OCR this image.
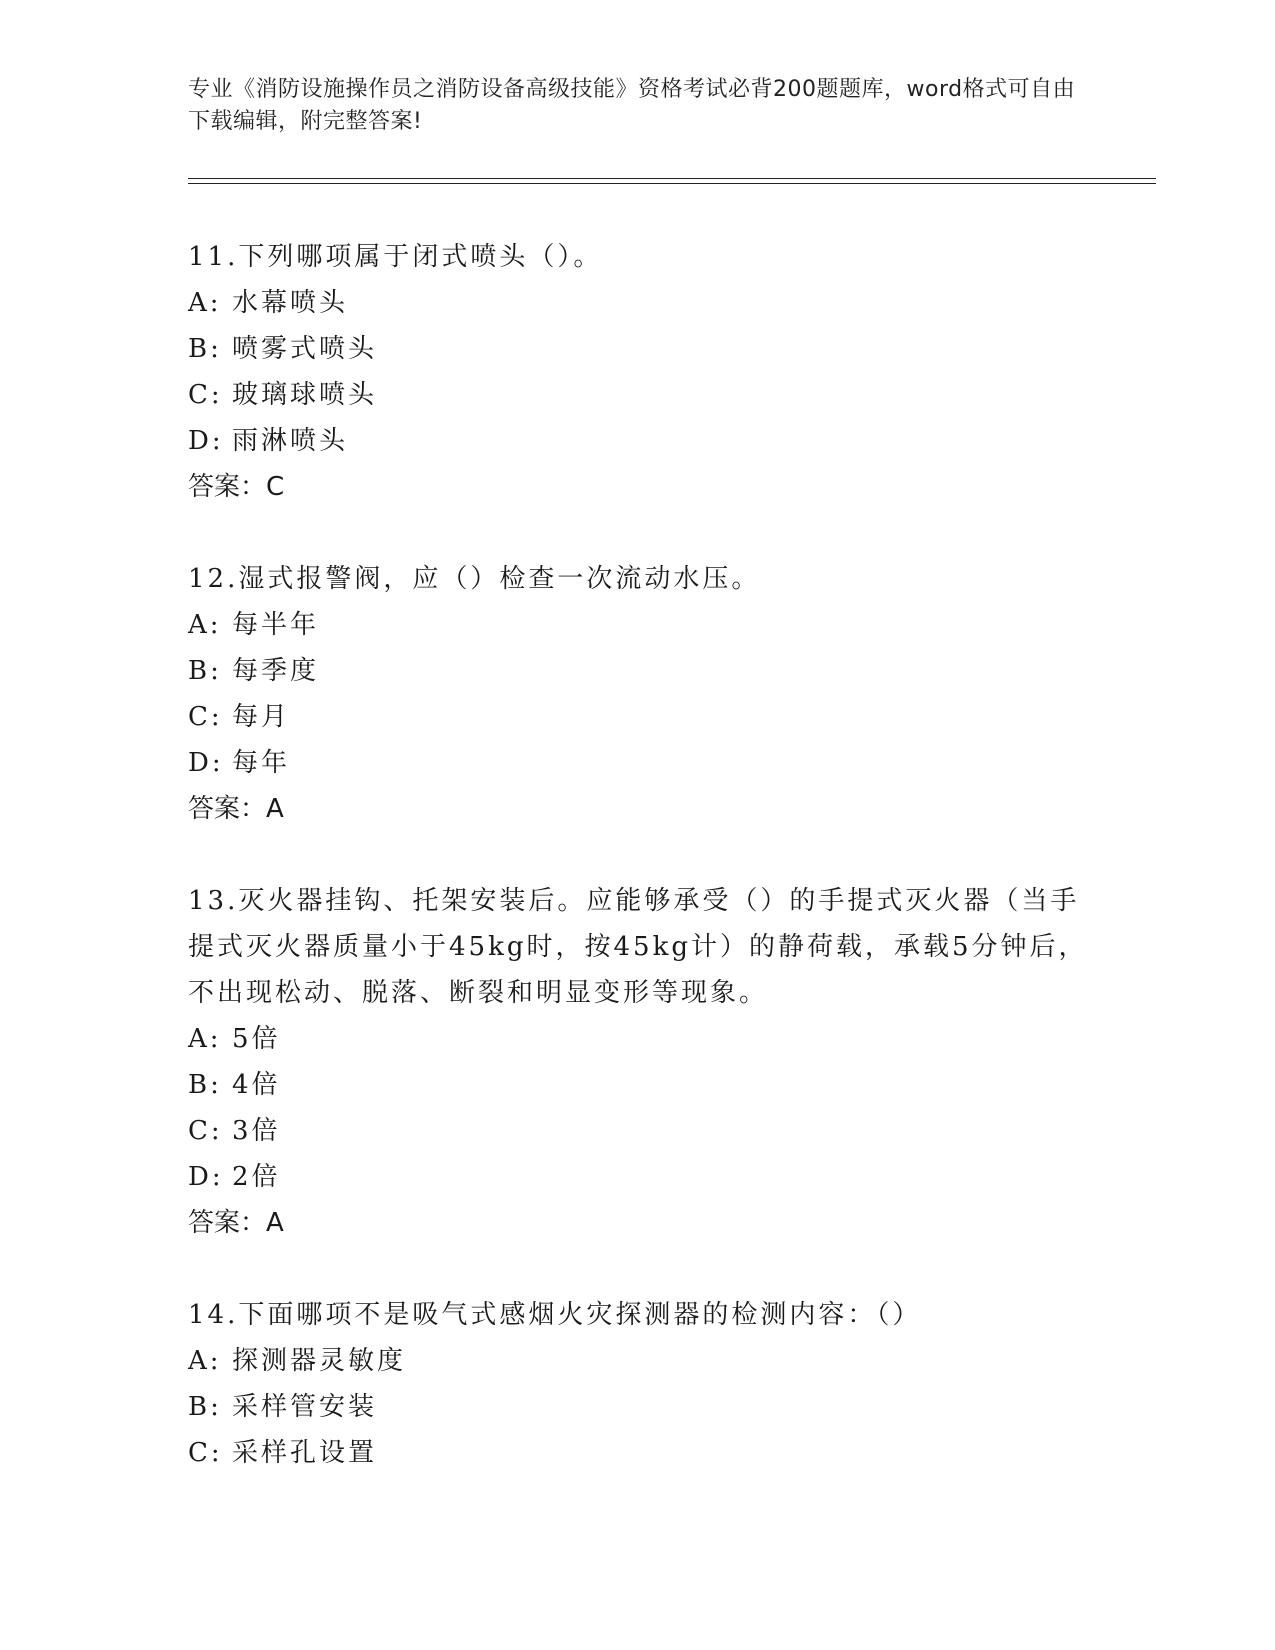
专业《消防设施操作员之消防设备高级技能》资格考试必背200题题库，word格式可自由下载编辑，附完整答案!

11.下列哪项属于闭式喷头（）。

A: 水幕喷头

B: 喷雾式喷头

C: 玻璃球喷头

D: 雨淋喷头

答案：C

12.湿式报警阀，应（）检查一次流动水压。

A: 每半年

B: 每季度

C: 每月

D: 每年

答案：A

13.灭火器挂钩、托架安装后。应能够承受（）的手提式灭火器（当手提式灭火器质量小于45kg时，按45kg计）的静荷载，承载5分钟后，不出现松动、脱落、断裂和明显变形等现象。

A: 5倍

B: 4倍

C: 3倍

D: 2倍

答案：A

14.下面哪项不是吸气式感烟火灾探测器的检测内容：（）

A: 探测器灵敏度

B: 采样管安装

C: 采样孔设置
